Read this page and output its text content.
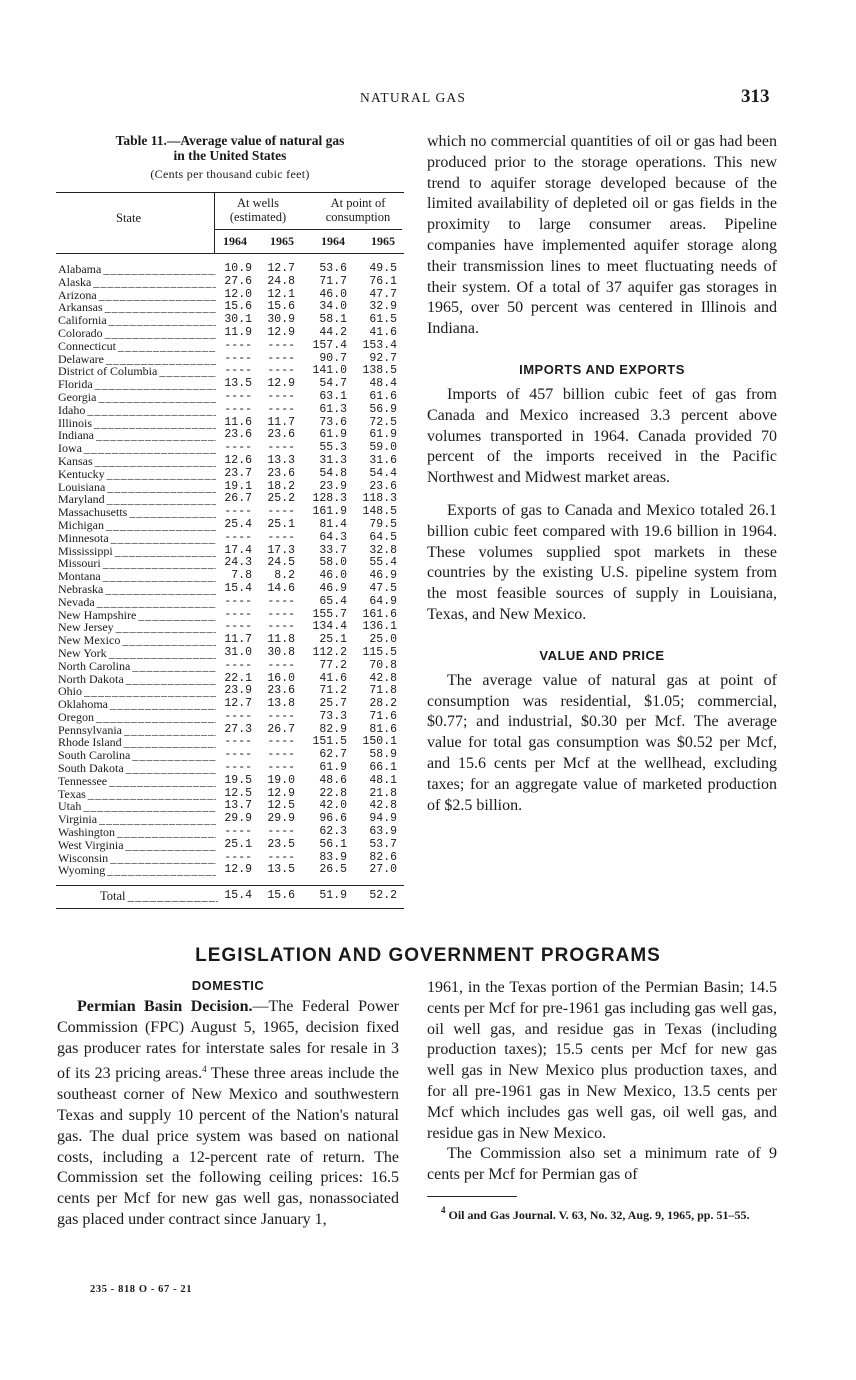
NATURAL GAS	313
Table 11.—Average value of natural gas
in the United States
(Cents per thousand cubic feet)
State
At wells (estimated)
At point of consumption
1964	1965	1964	1965
Alabama _ _ _	10.9	12.7	53.6	49.5
Alaska _ _ _	27.6	24.8	71.7	76.1
Arizona _ _ _	12.0	12.1	46.0	47.7
Arkansas _ _ _	15.6	15.6	34.0	32.9
California _ _ _	30.1	30.9	58.1	61.5
Colorado _ _ _	11.9	12.9	44.2	41.6
Connecticut _ _ _	----	----	157.4	153.4
Delaware _ _ _	----	----	90.7	92.7
District of Columbia _ _ _	----	----	141.0	138.5
Florida _ _ _	13.5	12.9	54.7	48.4
Georgia _ _ _	----	----	63.1	61.6
Idaho _ _ _	----	----	61.3	56.9
Illinois _ _ _	11.6	11.7	73.6	72.5
Indiana _ _ _	23.6	23.6	61.9	61.9
Iowa _ _ _	----	----	55.3	59.0
Kansas _ _ _	12.6	13.3	31.3	31.6
Kentucky _ _ _	23.7	23.6	54.8	54.4
Louisiana _ _ _	19.1	18.2	23.9	23.6
Maryland _ _ _	26.7	25.2	128.3	118.3
Massachusetts _ _ _	----	----	161.9	148.5
Michigan _ _ _	25.4	25.1	81.4	79.5
Minnesota _ _ _	----	----	64.3	64.5
Mississippi _ _ _	17.4	17.3	33.7	32.8
Missouri _ _ _	24.3	24.5	58.0	55.4
Montana _ _ _	7.8	8.2	46.0	46.9
Nebraska _ _ _	15.4	14.6	46.9	47.5
Nevada _ _ _	----	----	65.4	64.9
New Hampshire _ _ _	----	----	155.7	161.6
New Jersey _ _ _	----	----	134.4	136.1
New Mexico _ _ _	11.7	11.8	25.1	25.0
New York _ _ _	31.0	30.8	112.2	115.5
North Carolina _ _ _	----	----	77.2	70.8
North Dakota _ _ _	22.1	16.0	41.6	42.8
Ohio _ _ _	23.9	23.6	71.2	71.8
Oklahoma _ _ _	12.7	13.8	25.7	28.2
Oregon _ _ _	----	----	73.3	71.6
Pennsylvania _ _ _	27.3	26.7	82.9	81.6
Rhode Island _ _ _	----	----	151.5	150.1
South Carolina _ _ _	----	----	62.7	58.9
South Dakota _ _ _	----	----	61.9	66.1
Tennessee _ _ _	19.5	19.0	48.6	48.1
Texas _ _ _	12.5	12.9	22.8	21.8
Utah _ _ _	13.7	12.5	42.0	42.8
Virginia _ _ _	29.9	29.9	96.6	94.9
Washington _ _ _	----	----	62.3	63.9
West Virginia _ _ _	25.1	23.5	56.1	53.7
Wisconsin _ _ _	----	----	83.9	82.6
Wyoming _ _ _	12.9	13.5	26.5	27.0
Total _ _ _	15.4	15.6	51.9	52.2

which no commercial quantities of oil or gas had been produced prior to the storage operations. This new trend to aquifer storage developed because of the limited availability of depleted oil or gas fields in the proximity to large consumer areas. Pipeline companies have implemented aquifer storage along their transmission lines to meet fluctuating needs of their system. Of a total of 37 aquifer gas storages in 1965, over 50 percent was centered in Illinois and Indiana.

IMPORTS AND EXPORTS

Imports of 457 billion cubic feet of gas from Canada and Mexico increased 3.3 percent above volumes transported in 1964. Canada provided 70 percent of the imports received in the Pacific Northwest and Midwest market areas.

Exports of gas to Canada and Mexico totaled 26.1 billion cubic feet compared with 19.6 billion in 1964. These volumes supplied spot markets in these countries by the existing U.S. pipeline system from the most feasible sources of supply in Louisiana, Texas, and New Mexico.

VALUE AND PRICE

The average value of natural gas at point of consumption was residential, $1.05; commercial, $0.77; and industrial, $0.30 per Mcf. The average value for total gas consumption was $0.52 per Mcf, and 15.6 cents per Mcf at the wellhead, excluding taxes; for an aggregate value of marketed production of $2.5 billion.

LEGISLATION AND GOVERNMENT PROGRAMS
DOMESTIC

Permian Basin Decision.—The Federal Power Commission (FPC) August 5, 1965, decision fixed gas producer rates for interstate sales for resale in 3 of its 23 pricing areas.$^4$ These three areas include the southeast corner of New Mexico and southwestern Texas and supply 10 percent of the Nation's natural gas. The dual price system was based on national costs, including a 12-percent rate of return. The Commission set the following ceiling prices: 16.5 cents per Mcf for new gas well gas, nonassociated gas placed under contract since January 1,

1961, in the Texas portion of the Permian Basin; 14.5 cents per Mcf for pre-1961 gas including gas well gas, oil well gas, and residue gas in Texas (including production taxes); 15.5 cents per Mcf for new gas well gas in New Mexico plus production taxes, and for all pre-1961 gas in New Mexico, 13.5 cents per Mcf which includes gas well gas, oil well gas, and residue gas in New Mexico.

The Commission also set a minimum rate of 9 cents per Mcf for Permian gas of

$^4$ Oil and Gas Journal. V. 63, No. 32, Aug. 9, 1965, pp. 51–55.
235 - 818 O - 67 - 21
